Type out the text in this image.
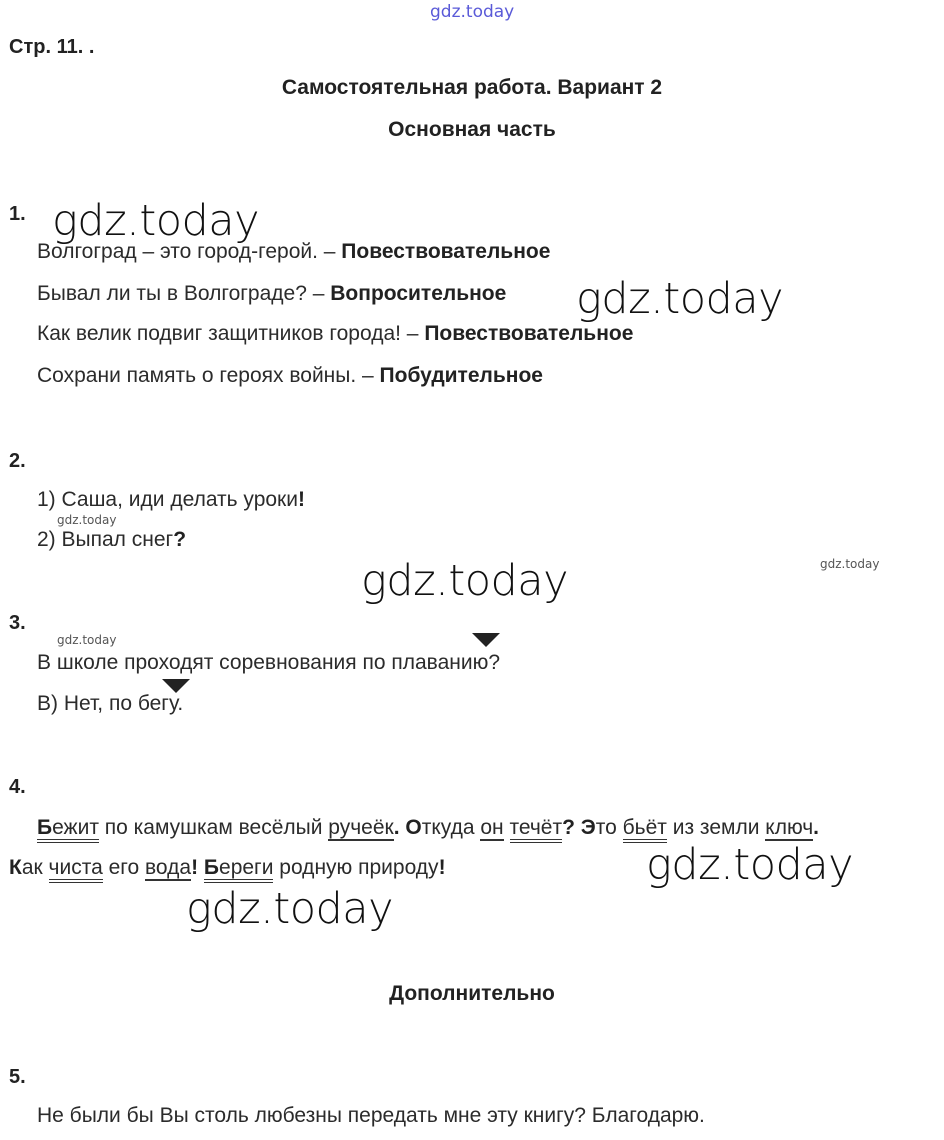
gdz.today
Стр. 11. .
Самостоятельная работа. Вариант 2
Основная часть
1. gdz.today
Волгоград – это город-герой. – Повествовательное
Бывал ли ты в Волгограде? – Вопросительное gdz.today
Как велик подвиг защитников города! – Повествовательное
Сохрани память о героях войны. – Побудительное
2.
1) Саша, иди делать уроки!
gdz.today
2) Выпал снег?
gdz.today
gdz.today
3.
gdz.today
В школе проходят соревнования по плаванию?
В) Нет, по бегу.
4.
Бежит по камушкам весёлый ручеёк. Откуда он течёт? Это бьёт из земли ключ.
Как чиста его вода! Береги родную природу!	gdz.today
gdz.today
Дополнительно
5.
Не были бы Вы столь любезны передать мне эту книгу? Благодарю.
